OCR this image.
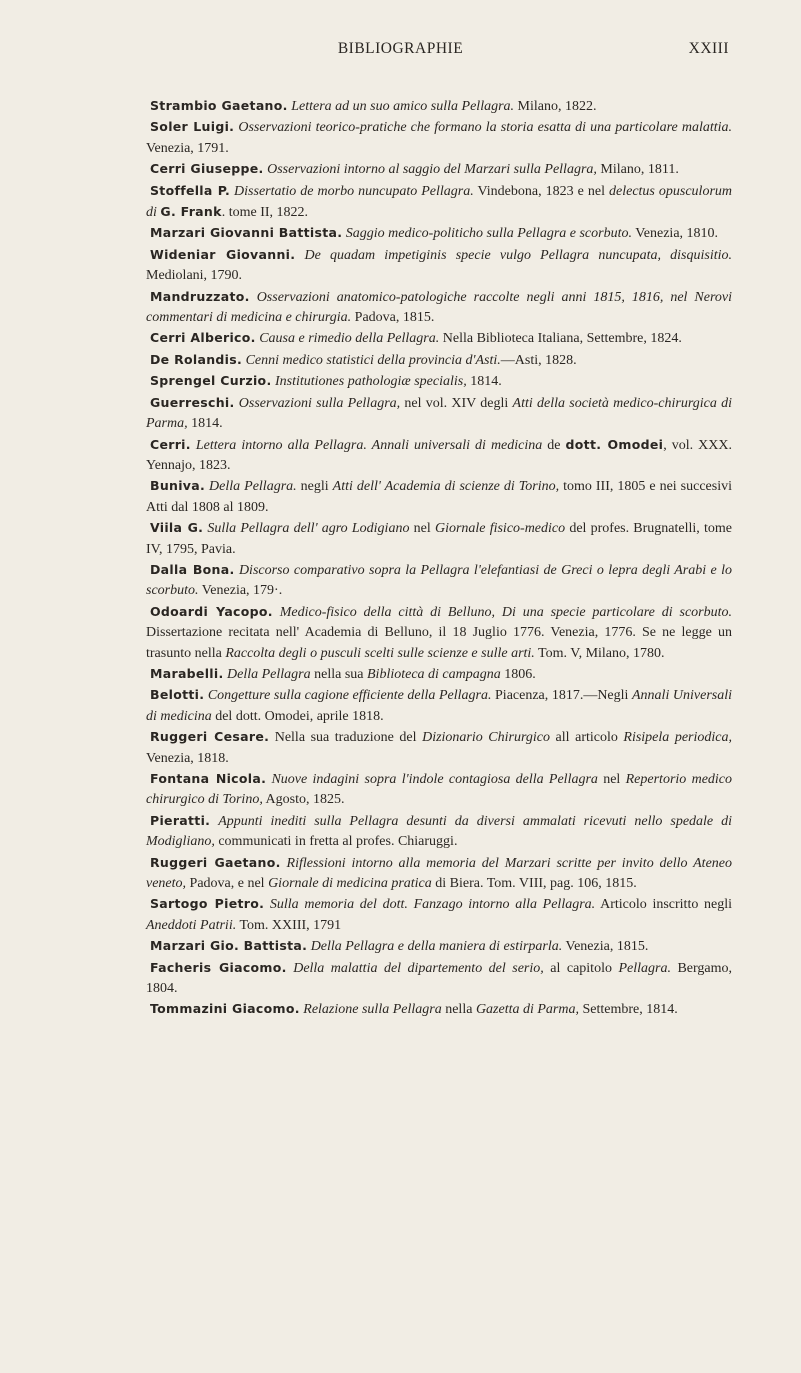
BIBLIOGRAPHIE	XXIII
Strambio Gaetano. Lettera ad un suo amico sulla Pellagra. Milano, 1822.
Soler Luigi. Osservazioni teorico-pratiche che formano la storia esatta di una particolare malattia. Venezia, 1791.
Cerri Giuseppe. Osservazioni intorno al saggio del Marzari sulla Pellagra, Milano, 1811.
Stoffella P. Dissertatio de morbo nuncupato Pellagra. Vindebona, 1823 e nel delectus opusculorum di G. Frank. tome II, 1822.
Marzari Giovanni Battista. Saggio medico-politicho sulla Pellagra e scorbuto. Venezia, 1810.
Wideniar Giovanni. De quadam impetiginis specie vulgo Pellagra nuncupata, disquisitio. Mediolani, 1790.
Mandruzzato. Osservazioni anatomico-patologiche raccolte negli anni 1815, 1816, nel Nerovi commentari di medicina e chirurgia. Padova, 1815.
Cerri Alberico. Causa e rimedio della Pellagra. Nella Biblioteca Italiana, Settembre, 1824.
De Rolandis. Cenni medico statistici della provincia d'Asti.—Asti, 1828.
Sprengel Curzio. Institutiones pathologiæ specialis, 1814.
Guerreschi. Osservazioni sulla Pellagra, nel vol. XIV degli Atti della società medico-chirurgica di Parma, 1814.
Cerri. Lettera intorno alla Pellagra. Annali universali di medicina de dott. Omodei, vol. XXX. Yennajo, 1823.
Buniva. Della Pellagra. negli Atti dell' Academia di scienze di Torino, tomo III, 1805 e nei succesivi Atti dal 1808 al 1809.
Viila G. Sulla Pellagra dell' agro Lodigiano nel Giornale fisico-medico del profes. Brugnatelli, tome IV, 1795, Pavia.
Dalla Bona. Discorso comparativo sopra la Pellagra l'elefantiasi de Greci o lepra degli Arabi e lo scorbuto. Venezia, 179·.
Odoardi Yacopo. Medico-fisico della città di Belluno, Di una specie particolare di scorbuto. Dissertazione recitata nell' Academia di Belluno, il 18 Juglio 1776. Venezia, 1776. Se ne legge un trasunto nella Raccolta degli o pusculi scelti sulle scienze e sulle arti. Tom. V, Milano, 1780.
Marabelli. Della Pellagra nella sua Biblioteca di campagna 1806.
Belotti. Congetture sulla cagione efficiente della Pellagra. Piacenza, 1817.—Negli Annali Universali di medicina del dott. Omodei, aprile 1818.
Ruggeri Cesare. Nella sua traduzione del Dizionario Chirurgico all articolo Risipela periodica, Venezia, 1818.
Fontana Nicola. Nuove indagini sopra l'indole contagiosa della Pellagra nel Repertorio medico chirurgico di Torino, Agosto, 1825.
Pieratti. Appunti inediti sulla Pellagra desunti da diversi ammalati ricevuti nello spedale di Modigliano, communicati in fretta al profes. Chiaruggi.
Ruggeri Gaetano. Riflessioni intorno alla memoria del Marzari scritte per invito dello Ateneo veneto, Padova, e nel Giornale di medicina pratica di Biera. Tom. VIII, pag. 106, 1815.
Sartogo Pietro. Sulla memoria del dott. Fanzago intorno alla Pellagra. Articolo inscritto negli Aneddoti Patrii. Tom. XXIII, 1791
Marzari Gio. Battista. Della Pellagra e della maniera di estirparla. Venezia, 1815.
Facheris Giacomo. Della malattia del dipartemento del serio, al capitolo Pellagra. Bergamo, 1804.
Tommazini Giacomo. Relazione sulla Pellagra nella Gazetta di Parma, Settembre, 1814.
